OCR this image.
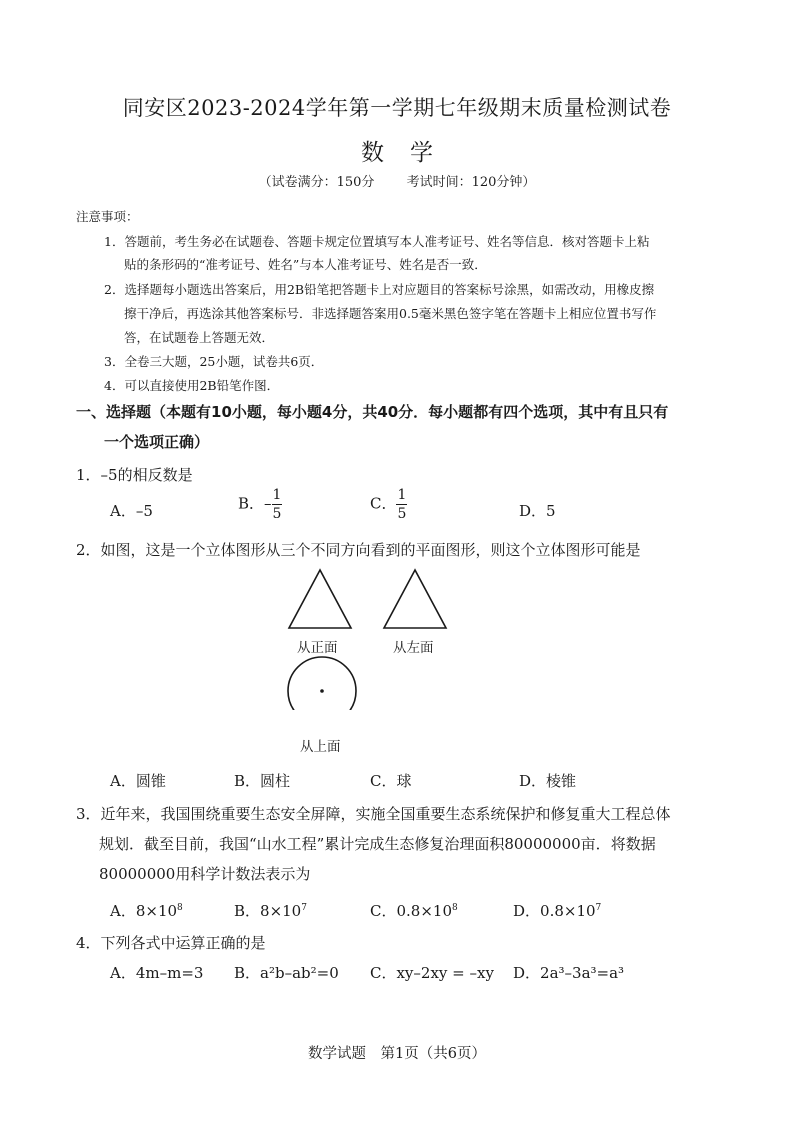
同安区2023-2024学年第一学期七年级期末质量检测试卷
数学
（试卷满分：150分 考试时间：120分钟）
注意事项：
1．答题前，考生务必在试题卷、答题卡规定位置填写本人准考证号、姓名等信息．核对答题卡上粘
贴的条形码的“准考证号、姓名”与本人准考证号、姓名是否一致．
2．选择题每小题选出答案后，用2B铅笔把答题卡上对应题目的答案标号涂黑，如需改动，用橡皮擦
擦干净后，再选涂其他答案标号．非选择题答案用0.5毫米黑色签字笔在答题卡上相应位置书写作
答，在试题卷上答题无效．
3．全卷三大题，25小题，试卷共6页．
4．可以直接使用2B铅笔作图．
一、选择题（本题有10小题，每小题4分，共40分．每小题都有四个选项，其中有且只有
一个选项正确）
1．–5的相反数是
A．–5	B．– $\frac{1}{5}$	C． $\frac{1}{5}$	D．5
2．如图，这是一个立体图形从三个不同方向看到的平面图形，则这个立体图形可能是
从正面	从左面
从上面
A．圆锥	B．圆柱	C．球	D．棱锥
3．近年来，我国围绕重要生态安全屏障，实施全国重要生态系统保护和修复重大工程总体
规划．截至目前，我国“山水工程”累计完成生态修复治理面积80000000亩．将数据
80000000用科学计数法表示为
A．$8\times 10^8$	B．$8\times 10^7$	C．$0.8\times 10^8$	D．$0.8\times 10^7$
4．下列各式中运算正确的是
A．4m–m=3 B．a²b–ab²=0 C．xy–2xy = –xy D．2a³–3a³=a³
数学试题　第1页（共6页）
